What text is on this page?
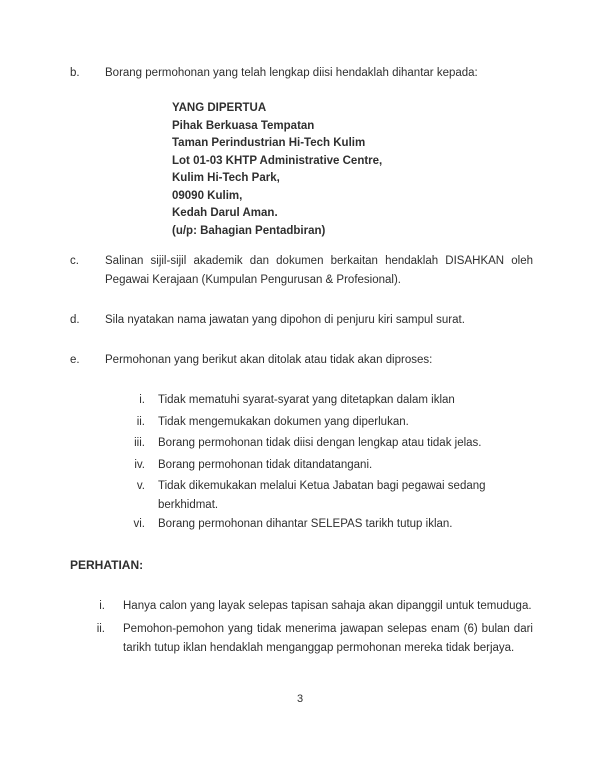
b.	Borang permohonan yang telah lengkap diisi hendaklah dihantar kepada:
YANG DIPERTUA
Pihak Berkuasa Tempatan
Taman Perindustrian Hi-Tech Kulim
Lot 01-03 KHTP Administrative Centre,
Kulim Hi-Tech Park,
09090 Kulim,
Kedah Darul Aman.
(u/p: Bahagian Pentadbiran)
c.	Salinan sijil-sijil akademik dan dokumen berkaitan hendaklah DISAHKAN oleh Pegawai Kerajaan (Kumpulan Pengurusan & Profesional).
d.	Sila nyatakan nama jawatan yang dipohon di penjuru kiri sampul surat.
e.	Permohonan yang berikut akan ditolak atau tidak akan diproses:
i. Tidak mematuhi syarat-syarat yang ditetapkan dalam iklan
ii. Tidak mengemukakan dokumen yang diperlukan.
iii. Borang permohonan tidak diisi dengan lengkap atau tidak jelas.
iv. Borang permohonan tidak ditandatangani.
v. Tidak dikemukakan melalui Ketua Jabatan bagi pegawai sedang berkhidmat.
vi. Borang permohonan dihantar SELEPAS tarikh tutup iklan.
PERHATIAN:
i. Hanya calon yang layak selepas tapisan sahaja akan dipanggil untuk temuduga.
ii. Pemohon-pemohon yang tidak menerima jawapan selepas enam (6) bulan dari tarikh tutup iklan hendaklah menganggap permohonan mereka tidak berjaya.
3
